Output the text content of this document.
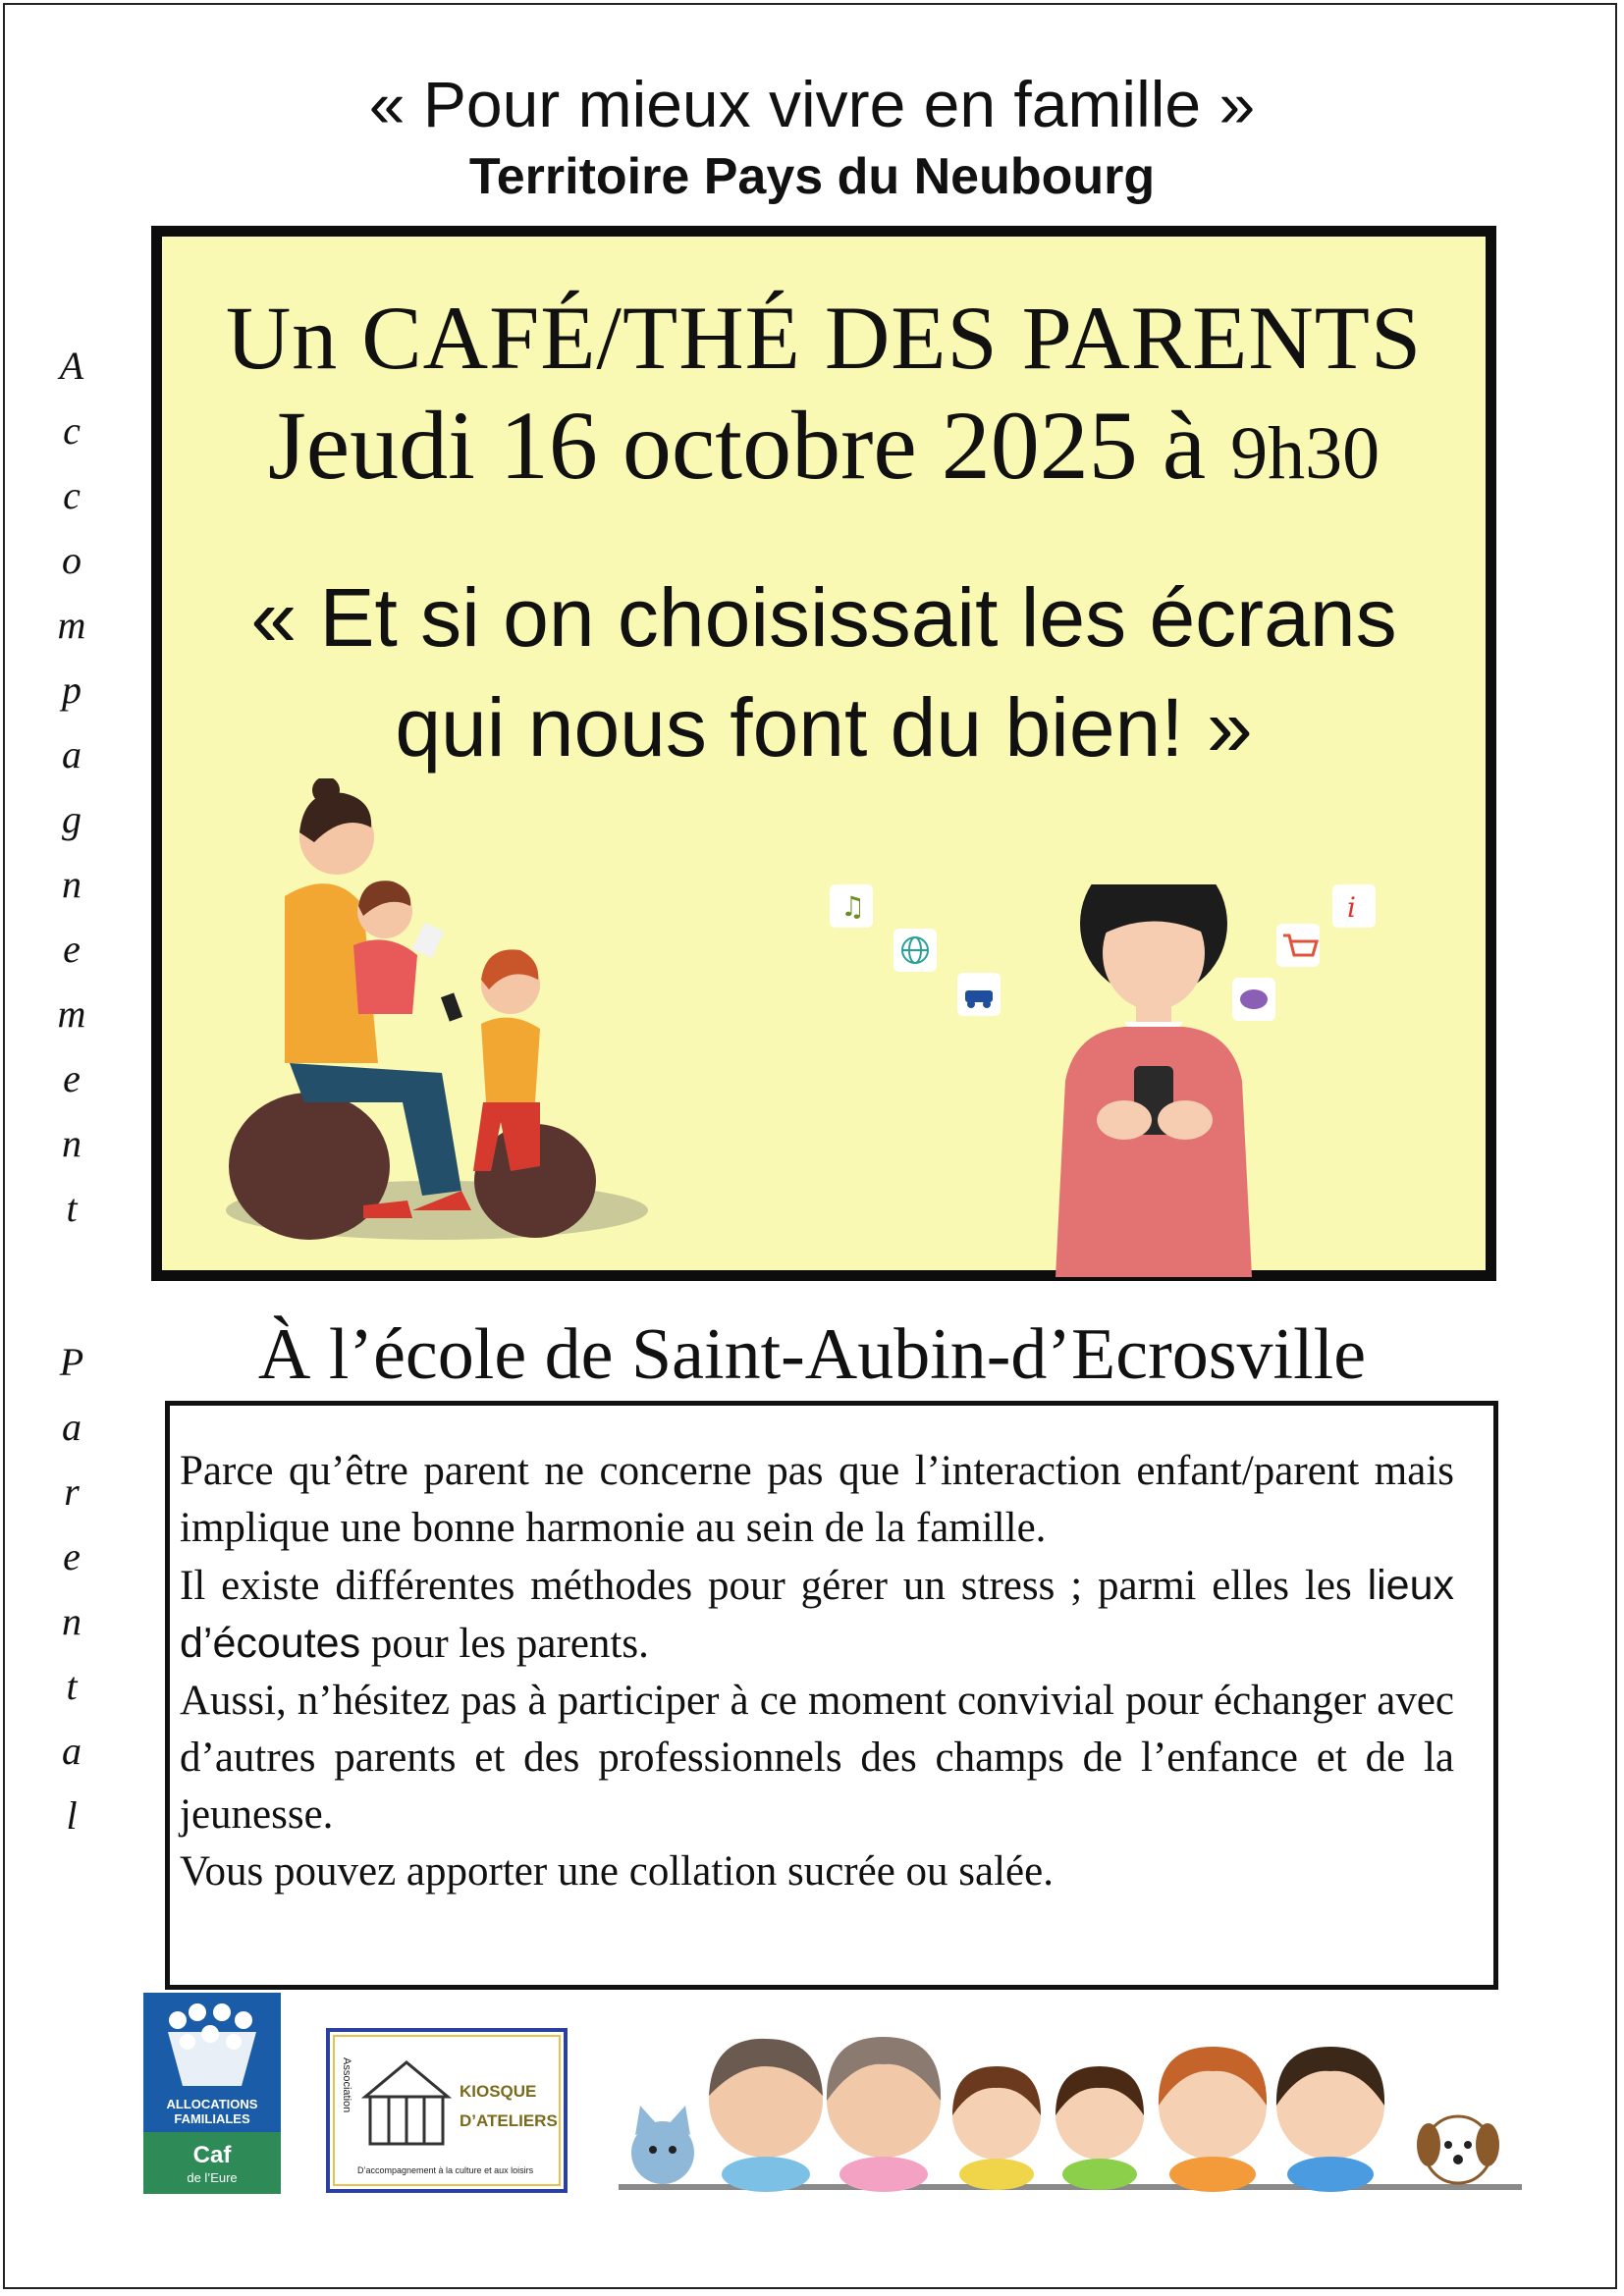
« Pour mieux vivre en famille »
Territoire Pays du Neubourg
A
c
c
o
m
p
a
g
n
e
m
e
n
t
P
a
r
e
n
t
a
l
Un CAFÉ/THÉ DES PARENTS
Jeudi 16 octobre 2025 à 9h30
« Et si on choisissait les écrans
qui nous font du bien! »
♫	i
À l’école de Saint-Aubin-d’Ecrosville

Parce qu’être parent ne concerne pas que l’interaction enfant/parent mais implique une bonne harmonie au sein de la famille.

Il existe différentes méthodes pour gérer un stress ; parmi elles les lieux d’écoutes pour les parents.

Aussi, n’hésitez pas à participer à ce moment convivial pour échanger avec d’autres parents et des professionnels des champs de l’enfance et de la jeunesse.

Vous pouvez apporter une collation sucrée ou salée.

ALLOCATIONS
FAMILIALES
Caf
de l’Eure
Association	KIOSQUE
D’ATELIERS
D’accompagnement à la culture et aux loisirs
